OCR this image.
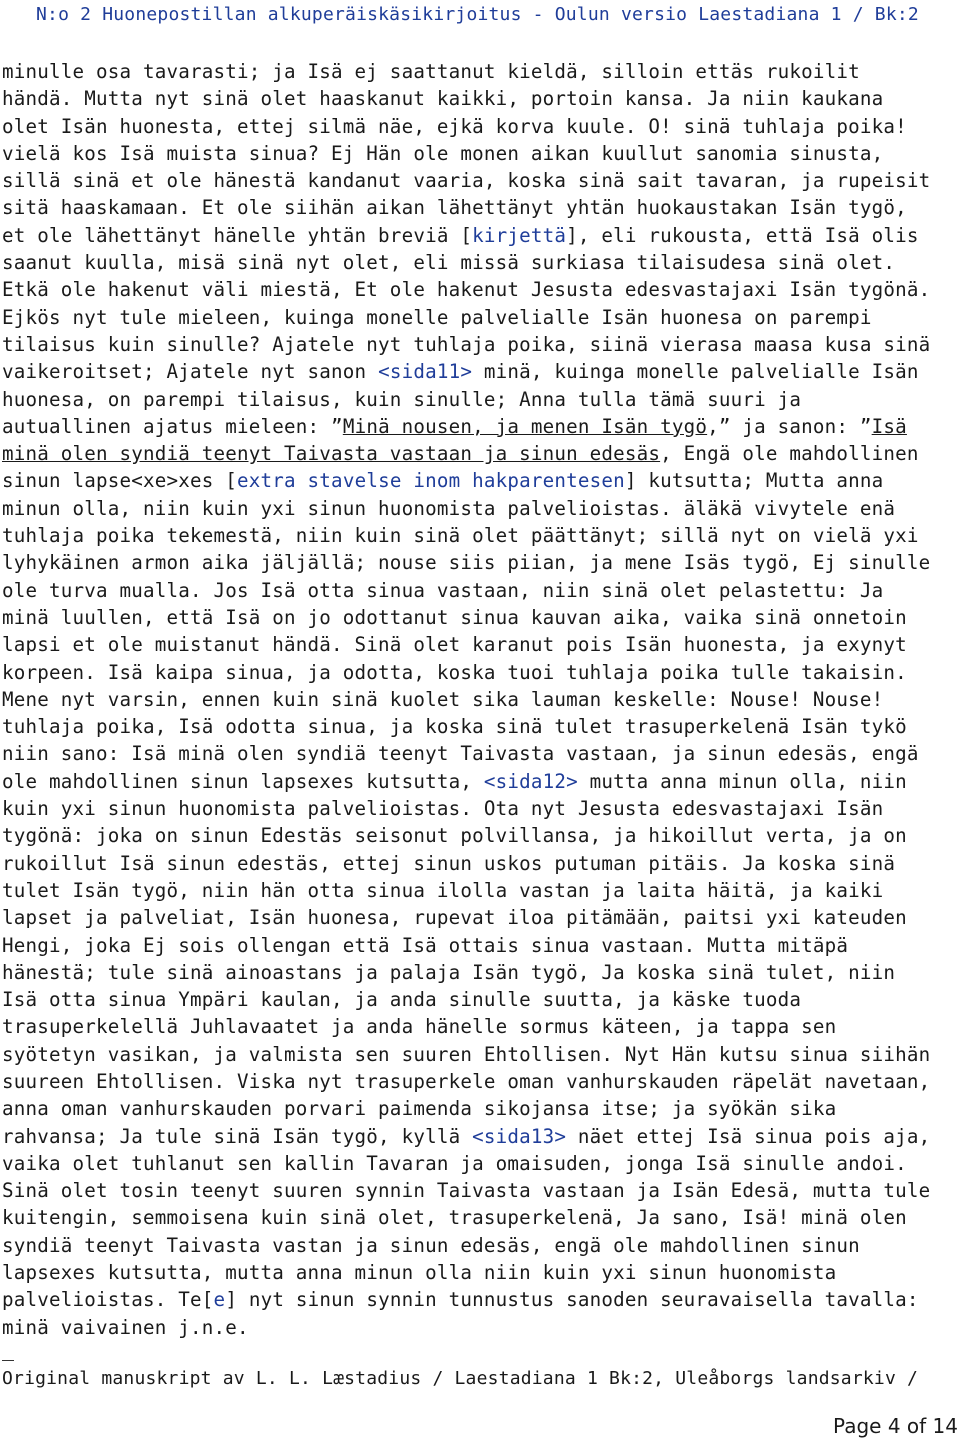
N:o 2 Huonepostillan alkuperäiskäsikirjoitus - Oulun versio Laestadiana 1 / Bk:2
minulle osa tavarasti; ja Isä ej saattanut kieldä, silloin ettäs rukoilit händä. Mutta nyt sinä olet haaskanut kaikki, portoin kansa. Ja niin kaukana olet Isän huonesta, ettej silmä näe, ejkä korva kuule. O! sinä tuhlaja poika! vielä kos Isä muista sinua? Ej Hän ole monen aikan kuullut sanomia sinusta, sillä sinä et ole hänestä kandanut vaaria, koska sinä sait tavaran, ja rupeisit sitä haaskamaan. Et ole siihän aikan lähettänyt yhtän huokaustakan Isän tygö, et ole lähettänyt hänelle yhtän breviä [kirjettä], eli rukousta, että Isä olis saanut kuulla, misä sinä nyt olet, eli missä surkiasa tilaisudesa sinä olet. Etkä ole hakenut väli miestä, Et ole hakenut Jesusta edesvastajaxi Isän tygönä. Ejkös nyt tule mieleen, kuinga monelle palvelialle Isän huonesa on parempi tilaisus kuin sinulle? Ajatele nyt tuhlaja poika, siinä vierasa maasa kusa sinä vaikeroitset; Ajatele nyt sanon <sida11> minä, kuinga monelle palvelialle Isän huonesa, on parempi tilaisus, kuin sinulle; Anna tulla tämä suuri ja autuallinen ajatus mieleen: ”Minä nousen, ja menen Isän tygö,” ja sanon: ”Isä minä olen syndiä teenyt Taivasta vastaan ja sinun edesäs, Engä ole mahdollinen sinun lapse<xe>xes [extra stavelse inom hakparentesen] kutsutta; Mutta anna minun olla, niin kuin yxi sinun huonomista palvelioistas. äläkä vivytele enä tuhlaja poika tekemestä, niin kuin sinä olet päättänyt; sillä nyt on vielä yxi lyhykäinen armon aika jäljällä; nouse siis piian, ja mene Isäs tygö, Ej sinulle ole turva mualla. Jos Isä otta sinua vastaan, niin sinä olet pelastettu: Ja minä luullen, että Isä on jo odottanut sinua kauvan aika, vaika sinä onnetoin lapsi et ole muistanut händä. Sinä olet karanut pois Isän huonesta, ja exynyt korpeen. Isä kaipa sinua, ja odotta, koska tuoi tuhlaja poika tulle takaisin. Mene nyt varsin, ennen kuin sinä kuolet sika lauman keskelle: Nouse! Nouse! tuhlaja poika, Isä odotta sinua, ja koska sinä tulet trasuperkelenä Isän tykö niin sano: Isä minä olen syndiä teenyt Taivasta vastaan, ja sinun edesäs, engä ole mahdollinen sinun lapsexes kutsutta, <sida12> mutta anna minun olla, niin kuin yxi sinun huonomista palvelioistas. Ota nyt Jesusta edesvastajaxi Isän tygönä: joka on sinun Edestäs seisonut polvillansa, ja hikoillut verta, ja on rukoillut Isä sinun edestäs, ettej sinun uskos putuman pitäis. Ja koska sinä tulet Isän tygö, niin hän otta sinua ilolla vastan ja laita häitä, ja kaiki lapset ja palveliat, Isän huonesa, rupevat iloa pitämään, paitsi yxi kateuden Hengi, joka Ej sois ollengan että Isä ottais sinua vastaan. Mutta mitäpä hänestä; tule sinä ainoastans ja palaja Isän tygö, Ja koska sinä tulet, niin Isä otta sinua Ympäri kaulan, ja anda sinulle suutta, ja käske tuoda trasuperkelellä Juhlavaatet ja anda hänelle sormus käteen, ja tappa sen syötetyn vasikan, ja valmista sen suuren Ehtollisen. Nyt Hän kutsu sinua siihän suureen Ehtollisen. Viska nyt trasuperkele oman vanhurskauden räpelät navetaan, anna oman vanhurskauden porvari paimenda sikojansa itse; ja syökän sika rahvansa; Ja tule sinä Isän tygö, kyllä <sida13> näet ettej Isä sinua pois aja, vaika olet tuhlanut sen kallin Tavaran ja omaisuden, jonga Isä sinulle andoi. Sinä olet tosin teenyt suuren synnin Taivasta vastaan ja Isän Edesä, mutta tule kuitengin, semmoisena kuin sinä olet, trasuperkelenä, Ja sano, Isä! minä olen syndiä teenyt Taivasta vastan ja sinun edesäs, engä ole mahdollinen sinun lapsexes kutsutta, mutta anna minun olla niin kuin yxi sinun huonomista palvelioistas. Te[e] nyt sinun synnin tunnustus sanoden seuravaisella tavalla: minä vaivainen j.n.e.
Original manuskript av L. L. Læstadius / Laestadiana 1 Bk:2, Uleåborgs landsarkiv /
Page 4 of 14
